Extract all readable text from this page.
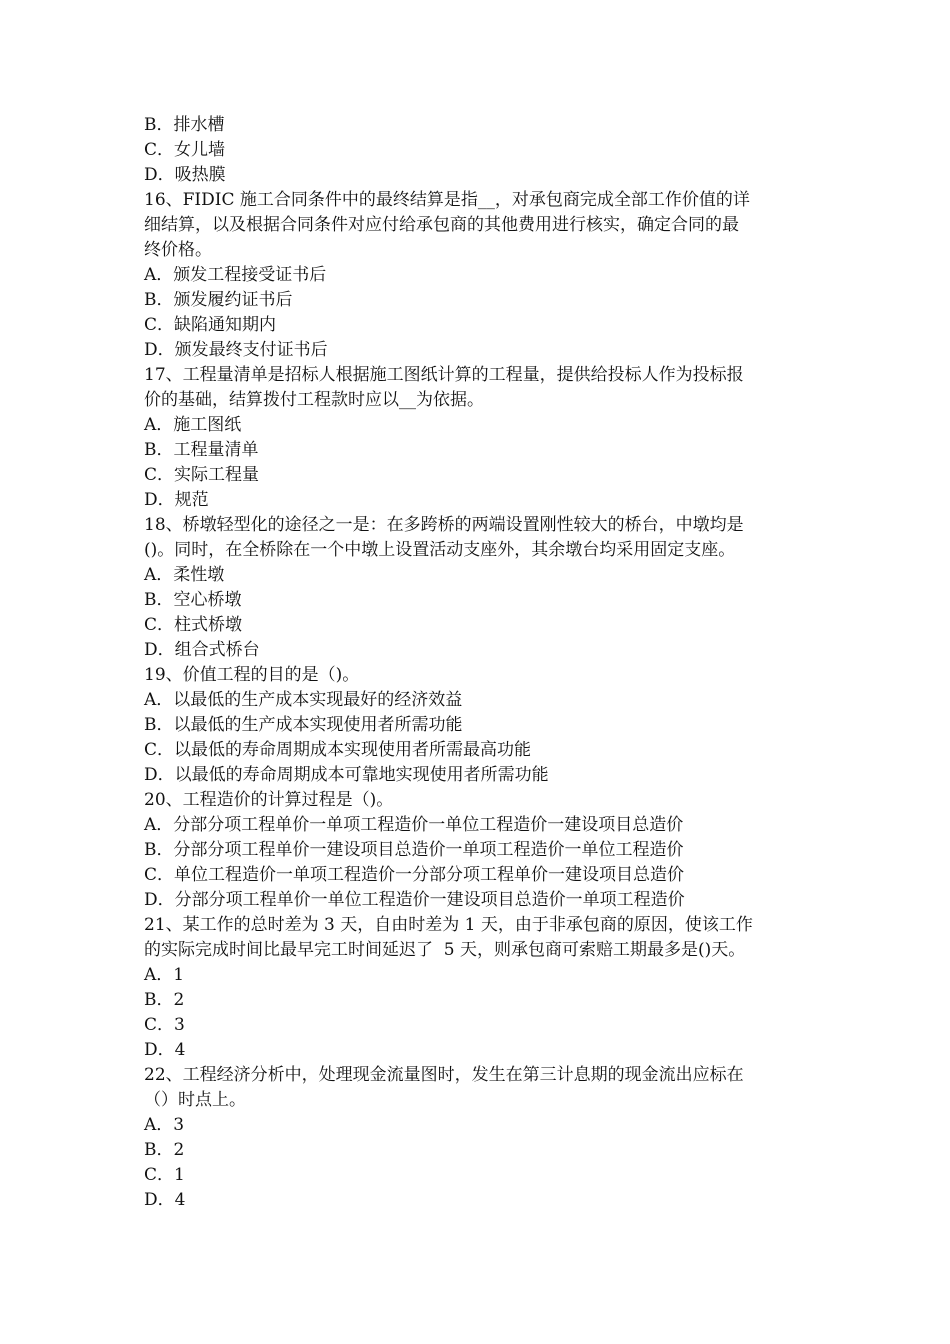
B．排水槽
C．女儿墙
D．吸热膜
16、FIDIC 施工合同条件中的最终结算是指__，对承包商完成全部工作价值的详
细结算，以及根据合同条件对应付给承包商的其他费用进行核实，确定合同的最
终价格。
A．颁发工程接受证书后
B．颁发履约证书后
C．缺陷通知期内
D．颁发最终支付证书后
17、工程量清单是招标人根据施工图纸计算的工程量，提供给投标人作为投标报
价的基础，结算拨付工程款时应以__为依据。
A．施工图纸
B．工程量清单
C．实际工程量
D．规范
18、桥墩轻型化的途径之一是：在多跨桥的两端设置刚性较大的桥台，中墩均是
()。同时，在全桥除在一个中墩上设置活动支座外，其余墩台均采用固定支座。
A．柔性墩
B．空心桥墩
C．柱式桥墩
D．组合式桥台
19、价值工程的目的是（)。
A．以最低的生产成本实现最好的经济效益
B．以最低的生产成本实现使用者所需功能
C．以最低的寿命周期成本实现使用者所需最高功能
D．以最低的寿命周期成本可靠地实现使用者所需功能
20、工程造价的计算过程是（)。
A．分部分项工程单价一单项工程造价一单位工程造价一建设项目总造价
B．分部分项工程单价一建设项目总造价一单项工程造价一单位工程造价
C．单位工程造价一单项工程造价一分部分项工程单价一建设项目总造价
D．分部分项工程单价一单位工程造价一建设项目总造价一单项工程造价
21、某工作的总时差为 3 天，自由时差为 1 天，由于非承包商的原因，使该工作
的实际完成时间比最早完工时间延迟了  5 天，则承包商可索赔工期最多是()天。
A．1
B．2
C．3
D．4
22、工程经济分析中，处理现金流量图时，发生在第三计息期的现金流出应标在
（）时点上。
A．3
B．2
C．1
D．4
